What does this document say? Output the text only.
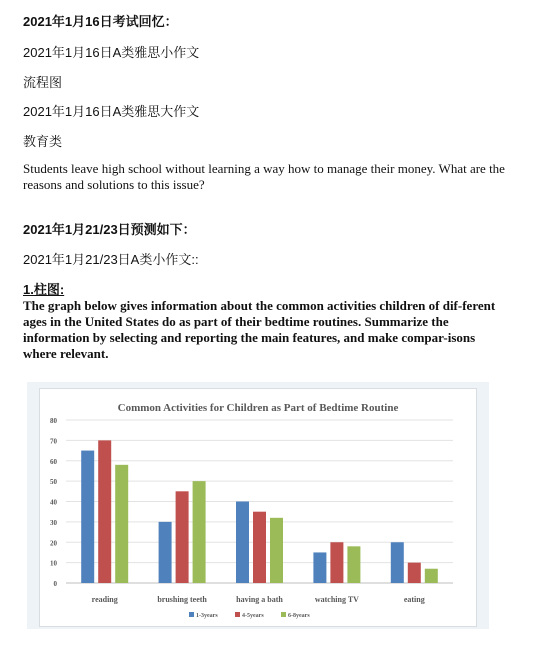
2021年1月16日考试回忆：
2021年1月16日A类雅思小作文
流程图
2021年1月16日A类雅思大作文
教育类
Students leave high school without learning a way how to manage their money. What are the reasons and solutions to this issue?
2021年1月21/23日预测如下：
2021年1月21/23日A类小作文::
1.柱图:
The graph below gives information about the common activities children of dif-ferent ages in the United States do as part of their bedtime routines. Summarize the information by selecting and reporting the main features, and make compar-isons where relevant.
Common Activities for Children as Part of Bedtime Routine
0
10
20
30
40
50
60
70
80
reading	brushing teeth	having a bath	watching TV	eating
1-3years	4-5years	6-8years
